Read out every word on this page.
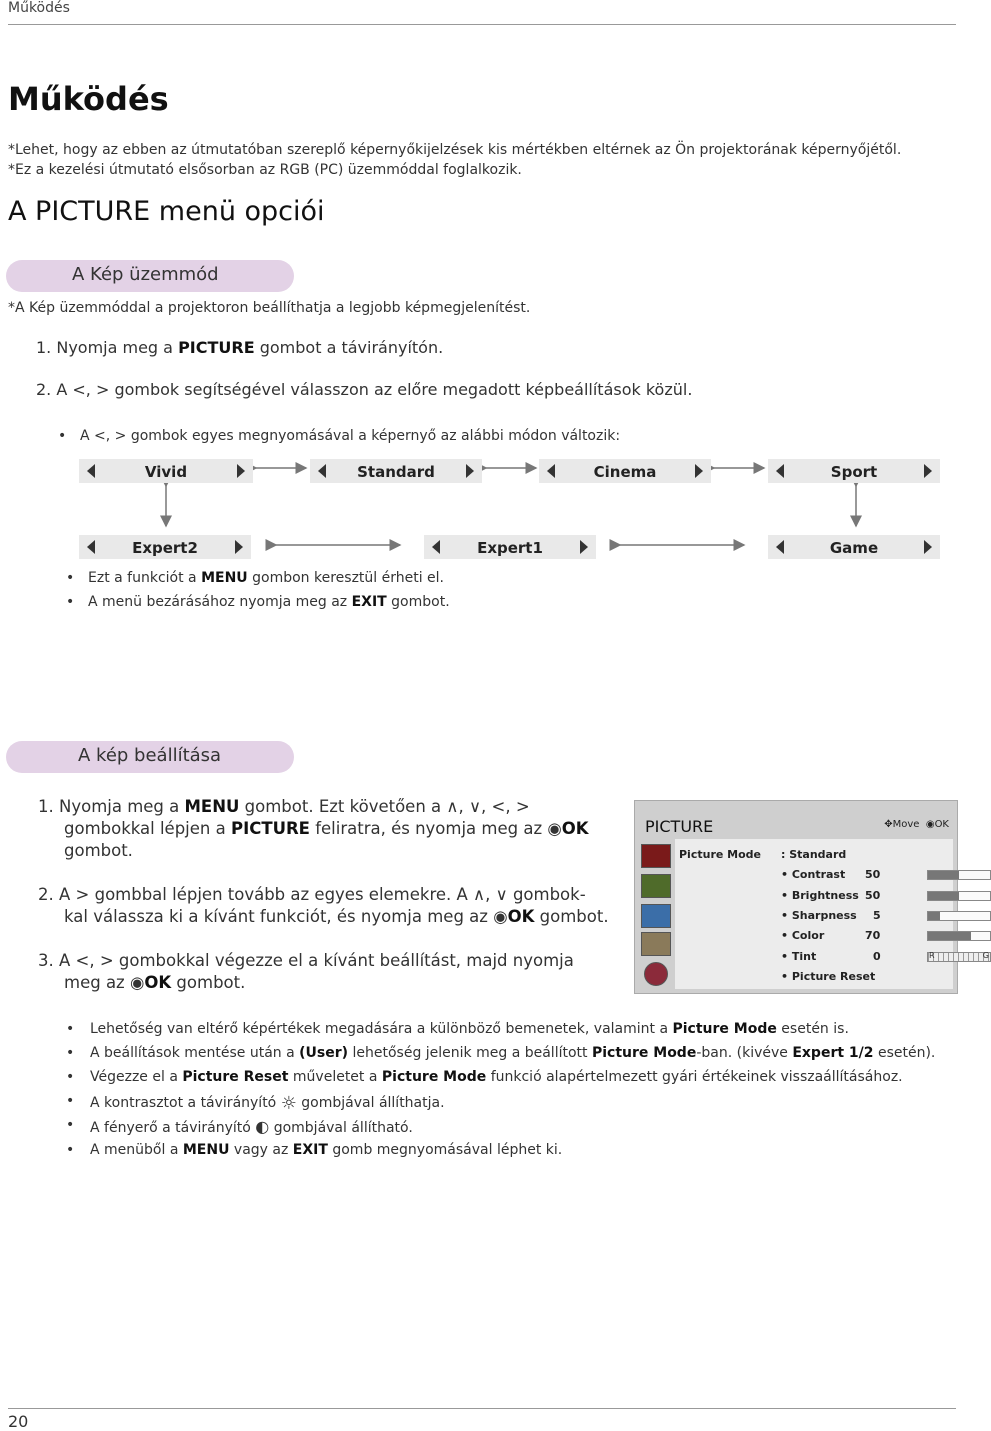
Működés
Működés
*Lehet, hogy az ebben az útmutatóban szereplő képernyőkijelzések kis mértékben eltérnek az Ön projektorának képernyőjétől.
*Ez a kezelési útmutató elsősorban az RGB (PC) üzemmóddal foglalkozik.
A PICTURE menü opciói
A Kép üzemmód
*A Kép üzemmóddal a projektoron beállíthatja a legjobb képmegjelenítést.
1. Nyomja meg a PICTURE gombot a távirányítón.
2. A <, > gombok segítségével válasszon az előre megadott képbeállítások közül.
• A <, > gombok egyes megnyomásával a képernyő az alábbi módon változik:
Vivid	Standard	Cinema	Sport
Expert2	Expert1	Game
• Ezt a funkciót a MENU gombon keresztül érheti el.
• A menü bezárásához nyomja meg az EXIT gombot.
A kép beállítása
1. Nyomja meg a MENU gombot. Ezt követően a ∧, ∨, <, >
gombokkal lépjen a PICTURE feliratra, és nyomja meg az ◉OK
gombot.
2. A > gombbal lépjen tovább az egyes elemekre. A ∧, ∨ gombok-
kal válassza ki a kívánt funkciót, és nyomja meg az ◉OK gombot.
3. A <, > gombokkal végezze el a kívánt beállítást, majd nyomja
meg az ◉OK gombot.
PICTURE	✥Move ◉OK
Picture Mode : Standard
• Contrast 50
• Brightness 50
• Sharpness 5
• Color	70
• Tint	0	R	G
• Picture Reset
• Lehetőség van eltérő képértékek megadására a különböző bemenetek, valamint a Picture Mode esetén is.
• A beállítások mentése után a (User) lehetőség jelenik meg a beállított Picture Mode-ban. (kivéve Expert 1/2 esetén).
• Végezze el a Picture Reset műveletet a Picture Mode funkció alapértelmezett gyári értékeinek visszaállításához.
• A kontrasztot a távirányító ☼ gombjával állíthatja.
• A fényerő a távirányító ◐ gombjával állítható.
• A menüből a MENU vagy az EXIT gomb megnyomásával léphet ki.
20
